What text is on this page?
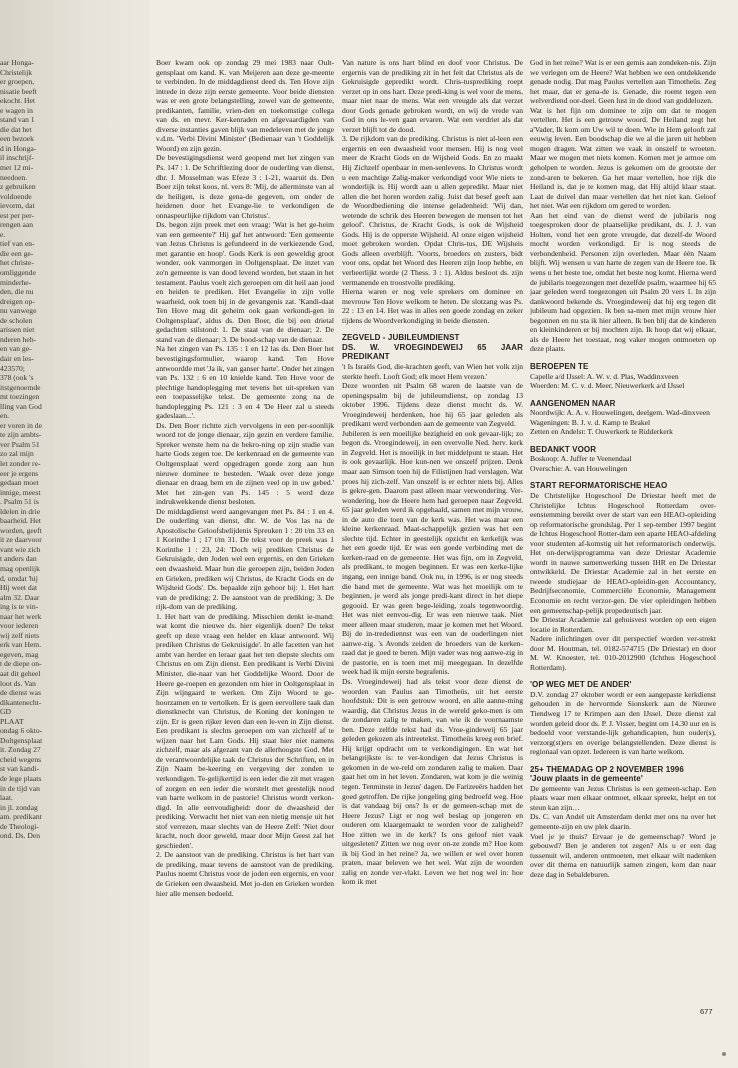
aar Honga-

Christelijk

er groepen,

nisatie beeft

ekocht. Het

e wagen in

stand van 1

die dat het

een bezoek

d in Honga-

il inschrijf-

met 12 mi-

needoen.

z gebruiken

voldoende

ievorm, dat

est per per-

rengen aan

e.

tief van en-

die een ge-

het christe-

omliggende

minderhe-

den, die nu

dreigen op-

nu vanwege

de scholen

arissen niet

nderen heb-

en van ge-

dair en les-

423570;

378 (ook 's

itstgenoemde

mt toezingen

lling van God

en.

er voren in de

te zijn ambts-

ver Psalm 51

zo zal mijn

let zonder re-

eer je ergens

gedaan moet

innige, meest

. Psalm 51 is

ldelen in drie

baarheid. Het

worden, geeft

it ze daarvoor

vant wie zich

t anders dan

mag openlijk

d, omdat 'hij

Hij weet dat

alm 32. Daar

ing is te vin-

naar het werk

voor iederen

wij zelf niets

erk van Hem.

egeven, mag

t de diepe on-

aat dit geheel

loot ds. Van

de dienst was

dikantenecht-

GD

PLAAT

ondag 6 okto-

Doltgensplaat

it. Zondag 27

cheid wegens

st van kandi-

de lege plaats

in de tijd van

laat.

in jl. zondag

am. predikant

de Theologi-

ond. Ds. Den

Boer kwam ook op zondag 29 mei 1983 naar Oult-gensplaat om kand. K. van Meijeren aan deze ge-meente te verbinden. In de middagdienst deed ds. Ten Hove zijn intrede in deze zijn eerste gemeente. Voor beide diensten was er een grote belangstelling, zowel van de gemeente, predikanten, familie, vrien-den en toekomstige collega van ds. en mevr. Ker-kenraden en afgevaardigden van diverse instanties gaven blijk van medeleven met de jonge v.d.m. 'Verbi Divini Minister' (Bedienaar van 't Goddelijk Woord) en zijn gezin.

De bevestigingsdienst werd geopend met het zingen van Ps. 147 : 1. De Schriftlezing door de ouderling van dienst, dhr. J. Mosselman was Efeze 3 : 1-21, waaruit ds. Den Boer zijn tekst koos, nl. vers 8: 'Mij, de allerminste van al de heiligen, is deze gena-de gegeven, om onder de heidenen door het Evange-lie te verkondigen de onnaspeurlijke rijkdom van Christus'.

Ds. begon zijn preek met een vraag: 'Wat is het ge-heim van een gemeente?' Hij gaf het antwoord: 'Een gemeente van Jezus Christus is gefundeerd in de verkiezende God, met garantie en hoop'. Gods Kerk is een geweldig groot wonder, ook vanmorgen in Ooltgensplaat. De inzet van zo'n gemeente is van dood levend worden, het staan in het testament. Paulus voelt zich geroepen om dit heil aan jood en heiden te prediken. Het Evangelie in zijn volle waarheid, ook toen hij in de gevangenis zat. 'Kandi-daat Ten Hove mag dit geheim ook gaan verkondi-gen in Ooltgensplaat', aldus ds. Den Boer, die bij een drietal gedachten stilstond: 1. De staat van de dienaar; 2. De stand van de dienaar; 3. De bood-schap van de dienaar.

Na het zingen van Ps. 135 : 1 en 12 las ds. Den Boer het bevestigingsformulier, waarop kand. Ten Hove antwoordde met 'Ja ik, van ganser harte'. Onder het zingen van Ps. 132 : 6 en 10 knielde kand. Ten Hove voor de plechtige handoplegging met tevens het uit-spreken van een toepasselijke tekst. De gemeente zong na de handoplegging Ps. 121 : 3 en 4 'De Heer zal u steeds gadeslaan...'.

Ds. Den Boer richtte zich vervolgens in een per-soonlijk woord tot de jonge dienaar, zijn gezin en verdere familie. Spreker wenste hem na de bekro-ning op zijn studie van harte Gods zegen toe. De kerkenraad en de gemeente van Ooltgensplaat werd opgedragen goede zorg aan hun nieuwe dominee te besteden. 'Waak over deze jonge dienaar en draag hem en de zijnen veel op in uw gebed.' Met het zin-gen van Ps. 145 : 5 werd deze indrukwekkende dienst besloten.

De middagdienst werd aangevangen met Ps. 84 : 1 en 4. De ouderling van dienst, dhr. W. de Vos las na de Apostolische Geloofsbelijdenis Spreuken 1 : 20 t/m 33 en 1 Korinthe 1 ; 17 t/m 31. De tekst voor de preek was 1 Korinthe 1 : 23, 24: 'Doch wij prediken Christus de Gekruisigde, den Joden wel een ergernis, en den Grieken een dwaasheid. Maar hun die geroepen zijn, beiden Joden en Grieken, prediken wij Christus, de Kracht Gods en de Wijsheid Gods'. Ds. bepaalde zijn gehoor bij: 1. Het hart van de prediking; 2. De aanstoot van de prediking; 3. De rijk-dom van de prediking.

1. Het hart van de prediking. Misschien denkt ie-mand: wat komt die nieuwe ds. hier eigenlijk doen? De tekst geeft op deze vraag een helder en klaar antwoord. Wij prediken Christus de Gekruisigde'. In alle facetten van het ambt van herder en leraar gaat het ten diepste slechts om Christus en om Zijn dienst. Een predikant is Verbi Divini Minister, die-naar van het Goddelijke Woord. Door de Heere ge-roepen en gezonden om hier in Ooltgensplaat in Zijn wijngaard te werken. Om Zijn Woord te ge-hoorzamen en te vertolken. Er is geen eervollere taak dan dienstknecht van Christus, de Koning der koningen te zijn. Er is geen rijker leven dan een le-ven in Zijn dienst. Een predikant is slechts geroepen om van zichzelf af te wijzen naar het Lam Gods. Hij staat hier niet namens zichzelf, maar als afgezant van de allerhoogste God. Met de verantwoordelijke taak de Christus der Schriften, en in Zijn Naam be-keering en vergeving der zonden te verkondigen. Te-gelijkertijd is een ieder die zit met vragen of zorgen en een ieder die worstelt met geestelijk nood van harte welkom in de pastorie! Christus wordt verkon-digd. In alle eenvoudigheid: door de dwaasheid der prediking. Verwacht het niet van een nietig mensje uit het stof verrezen, maar slechts van de Heere Zelf: 'Niet door kracht, noch door geweld, maar door Mijn Geest zal het geschieden'.

2. De aanstoot van de prediking. Christus is het hart van de prediking, maar tevens de aanstoot van de prediking. Paulus noemt Christus voor de joden een ergernis, en voor de Grieken een dwaasheid. Met jo-den en Grieken worden hier alle mensen bedoeld.

Van nature is ons hart blind en doof voor Christus. De ergernis van de prediking zit in het feit dat Christus als de Gekruisigde gepredikt wordt. Chris-tusprediking roept verzet op in ons hart. Deze predi-king is wel voor de mens, maar niet naar de mens. Wat een vreugde als dat verzet door Gods genade gebroken wordt, en wij de vrede van God in ons le-ven gaan ervaren. Wat een verdriet als dat verzet blijft tot de dood.

3. De rijkdom van de prediking. Christus is niet al-leen een ergernis en een dwaasheid voor mensen. Hij is nog veel meer de Kracht Gods en de Wijsheid Gods. En zo maakt Hij Zichzelf openbaar in men-senlevens. In Christus wordt u een machtige Zalig-maker verkondigd voor Wie niets te wonderlijk is. Hij wordt aan u allen gepredikt. Maar niet allen die het horen worden zalig. Juist dat besef geeft aan de Woordbediening die intense geladenheid: 'Wij dan, wetende de schrik des Heeren bewegen de mensen tot het geloof'. Christus, de Kracht Gods, is ook de Wijsheid Gods. Hij is de opperste Wijsheid. Al onze eigen wijsheid moet gebroken worden. Opdat Chris-tus, DE Wijsheis Gods alleen overblijft. 'Voorts, broeders en zusters, bidt voor ons, opdat het Woord des Heeren zijn loop hebbe, en verheerlijkt worde (2 Thess. 3 : 1). Aldus besloot ds. zijn vermanende en troostvolle prediking.

Hierna waren er nog vele sprekers om dominee en mevrouw Ten Hove welkom te heten. De slotzang was Ps. 22 : 13 en 14. Het was in alles een goede zondag en zeker tijdens de Woordverkondiging in beide diensten.

ZEGVELD - JUBILEUMDIENST

DS. W. VROEGINDEWEIJ 65 JAAR PREDIKANT

't Is Israëls God, die-krachten geeft, van Wien het volk zijn sterkte heeft. Looft God; elk moet Hem vrezen.'

Deze woorden uit Psalm 68 waren de laatste van de openingspsalm bij de jubileumdienst, op zondag 13 oktober 1996. Tijdens deze dienst mocht ds. W. Vroegindeweij herdenken, hoe hij 65 jaar geleden als predikant werd verbonden aan de gemeente van Zegveld.

Jubileren is een moeilijke bezigheid en ook gevaar-lijk; zo begon ds. Vroegindeweij, in een overvolle Ned. herv. kerk in Zegveld. Het is moeilijk in het middelpunt te staan. Het is ook gevaarlijk. Hoe kun-nen we onszelf prijzen. Denk maar aan Simson toen hij de Filistijnen had verslagen. Wat proes hij zich-zelf. Van onszelf is er echter niets bij. Alles is gekre-gen. Daarom past alleen maar verwondering. Ver-wondering, hoe de Heere hem had geroepen naar Zegveld. 65 jaar geleden werd ik opgehaald, samen met mijn vrouw, in de auto die toen van de kerk was. Het was maar een kleine kerkenraad. Maat-schappelijk gezien was het een slechte tijd. Echter in geestelijk opzicht en kerkelijk was het een goede tijd. Er was een goede verbinding met de kerken-raad en de gemeente. Het was fijn, om in Zegveld, als predikant, te mogen beginnen. Er was een kerke-lijke ingang, een innige band. Ook nu, in 1996, is er nog steeds die band met de gemeente. Wat was het moeilijk om te beginnen, je werd als jonge predi-kant direct in het diepe gegooid. Er was geen bege-leiding, zoals tegenwoordig. Het was niet eenvou-dig. Er was een nieuwe taak. Niet meer alleen maar studeren, maar je komen met het Woord. Bij de in-tredediennst was een van de ouderlingen niet aanwe-zig. 's Avonds zeiden de broeders van de kerken-raad dat je goed te beren. Mijn vader was nog aanwe-zig in de pastorie, en is toen met mij meegegaan. In dezelfde week had ik mijn eerste begrafenis.

Ds. Vroegindeweij had als tekst voor deze dienst de woorden van Paulus aan Timotheüs, uit het eerste hoofdstuk: Dit is een getrouw woord, en alle aanne-ming waardig, dat Christus Jezus in de wereld geko-men is om de zondaren zalig te maken, van wie ik de voornaamste ben. Deze zelfde tekst had ds. Vroe-gindeweij 65 jaar geleden gekozen als intreetekst. Timotheüs kreeg een brief. Hij krijgt opdracht om te verkondigingen. En wat het belangrijkste is: te ver-kondigen dat Jezus Christus is gekomen in de we-reld om zondaren zalig te maken. Daar gaat het om in het leven. Zondaren, wat kom je die weinig tegen. Tenminste in Jezus' dagen. De Farizeeërs hadden het goed getroffen. De rijke jongeling ging bedroefd weg. Hoe is dat vandaag bij ons? Is er de gemeen-schap met de Heere Jezus? Ligt er nog wel beslag op jongeren en ouderen om klaargemaakt te worden voor de zaligheid? Hoe zitten we in de kerk? Is ons geloof niet vaak uitgesleten? Zitten we nog over on-ze zonde m? Hoe kom ik bij God in het reine? Ja, we willen er wel over horen praten, maar beleven we het wel. Wat zijn de woorden zalig en zonde ver-vlakt. Leven we het nog wel in: hoe kom ik met

God in het reine? Wat is er een gemis aan zondeken-nis. Zijn we verlegen om de Heere? Wat hebben we een ontdekkende genade nodig. Dat mag Paulus vertellen aan Timotheüs. Zeg het maar, dat er gena-de is. Genade, die roemt tegen een welverdiend oor-deel. Geen lust in de dood van goddelozen.

Wat is het fijn om dominee te zijn om dat te mogen vertellen. Het is een getrouw woord. De Heiland zegt het a'Vader, Ik kom om Uw wil te doen. Wie in Hem gelooft zal eeuwig leven. Een boodschap die we al die jaren uit hebben mogen dragen. Wat zitten we vaak in onszelf te wroeten. Maar we mogen met niets komen. Komen met je armoe om geholpen te worden. Jezus is gekomen om de grootste der zond-aren te bekeren. Ga het maar vertellen, hoe rijk die Heiland is, dat je te komen mag, dat Hij altijd klaar staat. Laat de duivel dan maar vertellen dat het niet kan. Geloof het niet. Wat een rijkdom om gered te worden.

Aan het eind van de dienst werd de jubilaris nog toegesproken door de plaatselijke predikant, ds. J. J. van Holten, vond het een grote vreugde, dat dezelf-de Woord mocht worden verkondigd. Er is nog steeds de verbondenheid. Personen zijn overleden. Maar één Naam blijft. Wij wensen u van harte de zegen van de Heere toe. Ik wens u het beste toe, omdat het beste nog komt. Hierna werd de jubilaris toegezongen met dezelfde psalm, waarmee hij 65 jaar geleden werd toegezongen uit Psalm 20 vers 1. In zijn dankwoord bekende ds. Vroegindeweij dat hij erg tegen dit jubileum had opgezien. Ik ben sa-men met mijn vrouw hier begonnen en nu sta ik hier alleen. Ik ben blij dat de kinderen en kleinkinderen er bij mochten zijn. Ik hoop dat wij elkaar, als de Heere het toestaat, nog vaker mogen ontmoeten op deze plaats.

BEROEPEN TE

Capelle a/d IJssel: A. W. v. d. Plas, Waddinxveen

Woerden: M. C. v. d. Meer, Nieuwerkerk a/d IJssel

AANGENOMEN NAAR

Noordwijk: A. A. v. Houwelingen, deelgem. Wad-dinxveen

Wageningen: B. J. v. d. Kamp te Brakel

Zetten en Andelst: T. Ouwerkerk te Ridderkerk

BEDANKT VOOR

Boskoop: A. Juffer te Veenendaal

Overschie: A. van Houwelingen

START REFORMATORISCHE HEAO

De Christelijke Hogeschool De Driestar heeft met de Christelijke Ichtus Hogeschool Rotterdam over-eenstemming bereikt over de start van een HEAO-opleiding op reformatorische grondslag. Per 1 sep-tember 1997 begint de Ichtus Hogeschool Rotter-dam een aparte HEAO-afdeling voor studenten af-komstig uit het reformatorisch onderwijs. Het on-derwijsprogramma van deze Driestar Academie wordt in nauwe samenwerking tussen IHR en De Driestar ontwikkeld. De Driestar Academie zal in het eerste en tweede studiejaar de HEAO-opleidin-gen Accountancy, Bedrijfseconomie, Commerciële Economie, Management Economie en recht verzor-gen. De vier opleidingen hebben een gemeenschap-pelijk propedeutisch jaar.

De Driestar Academie zal gehuisvest worden op een eigen locatie in Rotterdam.

Nadere inlichtingen over dit perspectief worden ver-strekt door M. Houtman, tel. 0182-574715 (De Driestar) en door M. W. Knoester, tel. 010-2012900 (Ichthus Hogeschool Rotterdam).

'OP WEG MET DE ANDER'

D.V. zondag 27 oktober wordt er een aangepaste kerkdienst gehouden in de hervormde Sionskerk aan de Nieuwe Tiendweg 17 te Krimpen aan den IJssel. Deze dienst zal worden geleid door ds. P. J. Visser, begint om 14.30 uur en is bedoeld voor verstande-lijk gehandicapten, hun ouder(s), verzorg(st)ers en overige belangstellenden. Deze dienst is regionaal van opzet. Iedereen is van harte welkom.

25+ THEMADAG OP 2 NOVEMBER 1996

'Jouw plaats in de gemeente'

De gemeente van Jezus Christus is een gemeen-schap. Een plaats waar men elkaar ontmoet, elkaar spreekt, helpt en tot steun kan zijn…

Ds. C. van Andel uit Amsterdam denkt met ons na over het gemeente-zijn en uw plek daarin.

Voel je je thuis? Ervaar je de gemeenschap? Word je gebouwd? Ben je anderen tot zegen? Als u er een dag tussenuit wil, anderen ontmoeten, met elkaar wilt nadenken over dit thema en natuurlijk samen zingen, kom dan naar deze dag in Sebaldeburen.

677
